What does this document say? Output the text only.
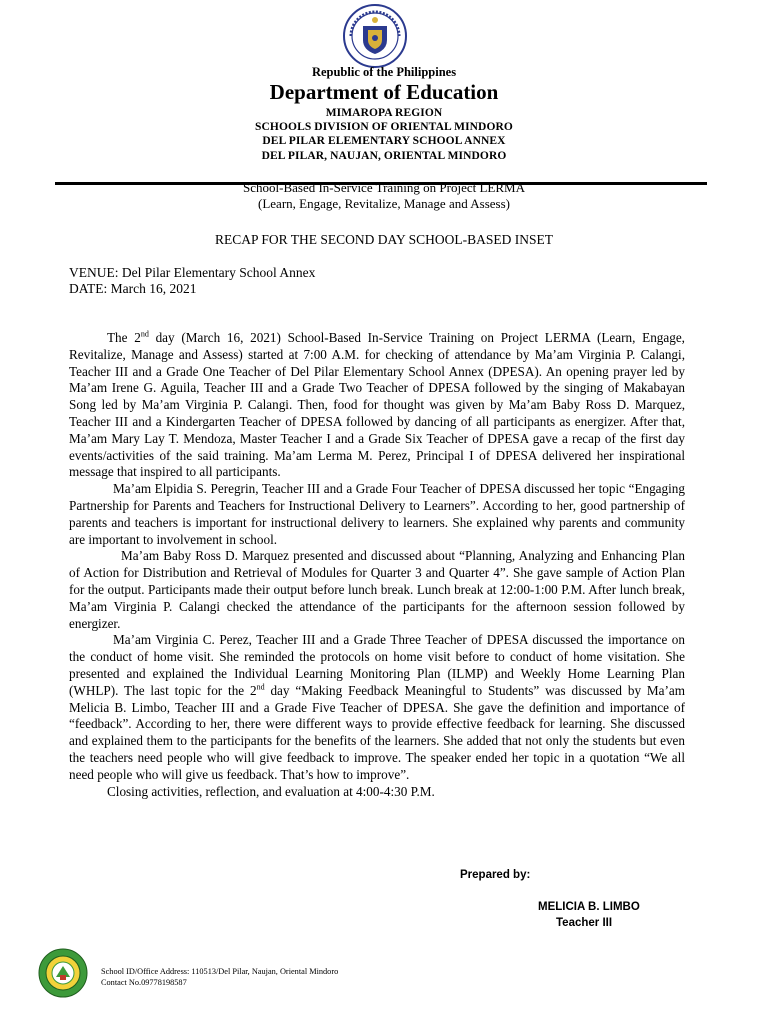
Republic of the Philippines
Department of Education
MIMAROPA REGION
SCHOOLS DIVISION OF ORIENTAL MINDORO
DEL PILAR ELEMENTARY SCHOOL ANNEX
DEL PILAR, NAUJAN, ORIENTAL MINDORO
School-Based In-Service Training on Project LERMA
(Learn, Engage, Revitalize, Manage and Assess)
RECAP FOR THE SECOND DAY SCHOOL-BASED INSET
VENUE: Del Pilar Elementary School Annex
DATE: March 16, 2021

The 2nd day (March 16, 2021) School-Based In-Service Training on Project LERMA (Learn, Engage, Revitalize, Manage and Assess) started at 7:00 A.M. for checking of attendance by Ma’am Virginia P. Calangi, Teacher III and a Grade One Teacher of Del Pilar Elementary School Annex (DPESA). An opening prayer led by Ma’am Irene G. Aguila, Teacher III and a Grade Two Teacher of DPESA followed by the singing of Makabayan Song led by Ma’am Virginia P. Calangi. Then, food for thought was given by Ma’am Baby Ross D. Marquez, Teacher III and a Kindergarten Teacher of DPESA followed by dancing of all participants as energizer. After that, Ma’am Mary Lay T. Mendoza, Master Teacher I and a Grade Six Teacher of DPESA gave a recap of the first day events/activities of the said training. Ma’am Lerma M. Perez, Principal I of DPESA delivered her inspirational message that inspired to all participants.

Ma’am Elpidia S. Peregrin, Teacher III and a Grade Four Teacher of DPESA discussed her topic “Engaging Partnership for Parents and Teachers for Instructional Delivery to Learners”. According to her, good partnership of parents and teachers is important for instructional delivery to learners. She explained why parents and community are important to involvement in school.

Ma’am Baby Ross D. Marquez presented and discussed about “Planning, Analyzing and Enhancing Plan of Action for Distribution and Retrieval of Modules for Quarter 3 and Quarter 4”. She gave sample of Action Plan for the output. Participants made their output before lunch break. Lunch break at 12:00-1:00 P.M. After lunch break, Ma’am Virginia P. Calangi checked the attendance of the participants for the afternoon session followed by energizer.

Ma’am Virginia C. Perez, Teacher III and a Grade Three Teacher of DPESA discussed the importance on the conduct of home visit. She reminded the protocols on home visit before to conduct of home visitation. She presented and explained the Individual Learning Monitoring Plan (ILMP) and Weekly Home Learning Plan (WHLP). The last topic for the 2nd day “Making Feedback Meaningful to Students” was discussed by Ma’am Melicia B. Limbo, Teacher III and a Grade Five Teacher of DPESA. She gave the definition and importance of “feedback”. According to her, there were different ways to provide effective feedback for learning. She discussed and explained them to the participants for the benefits of the learners. She added that not only the students but even the teachers need people who will give feedback to improve. The speaker ended her topic in a quotation “We all need people who will give us feedback. That’s how to improve”.

Closing activities, reflection, and evaluation at 4:00-4:30 P.M.

Prepared by:
MELICIA B. LIMBO
Teacher III
School ID/Office Address: 110513/Del Pilar, Naujan, Oriental Mindoro
Contact No.09778198587
